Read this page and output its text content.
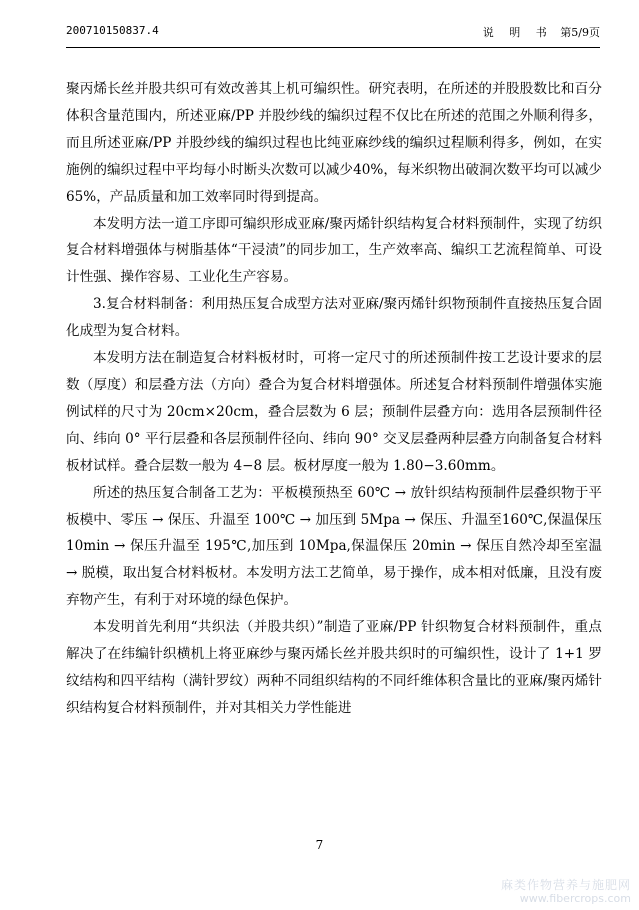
200710150837.4	说 明 书 第5/9页

聚丙烯长丝并股共织可有效改善其上机可编织性。研究表明，在所述的并股股数比和百分体积含量范围内，所述亚麻/PP 并股纱线的编织过程不仅比在所述的范围之外顺利得多，而且所述亚麻/PP 并股纱线的编织过程也比纯亚麻纱线的编织过程顺利得多，例如，在实施例的编织过程中平均每小时断头次数可以减少40%，每米织物出破洞次数平均可以减少 65%，产品质量和加工效率同时得到提高。

本发明方法一道工序即可编织形成亚麻/聚丙烯针织结构复合材料预制件，实现了纺织复合材料增强体与树脂基体“干浸渍”的同步加工，生产效率高、编织工艺流程简单、可设计性强、操作容易、工业化生产容易。

3.复合材料制备：利用热压复合成型方法对亚麻/聚丙烯针织物预制件直接热压复合固化成型为复合材料。

本发明方法在制造复合材料板材时，可将一定尺寸的所述预制件按工艺设计要求的层数（厚度）和层叠方法（方向）叠合为复合材料增强体。所述复合材料预制件增强体实施例试样的尺寸为 20cm×20cm，叠合层数为 6 层；预制件层叠方向：选用各层预制件径向、纬向 0° 平行层叠和各层预制件径向、纬向 90° 交叉层叠两种层叠方向制备复合材料板材试样。叠合层数一般为 4−8 层。板材厚度一般为 1.80−3.60mm。

所述的热压复合制备工艺为：平板模预热至 60℃ → 放针织结构预制件层叠织物于平板模中、零压 → 保压、升温至 100℃ → 加压到 5Mpa → 保压、升温至160℃,保温保压 10min → 保压升温至 195℃,加压到 10Mpa,保温保压 20min → 保压自然冷却至室温 → 脱模，取出复合材料板材。本发明方法工艺简单，易于操作，成本相对低廉，且没有废弃物产生，有利于对环境的绿色保护。

本发明首先利用“共织法（并股共织）”制造了亚麻/PP 针织物复合材料预制件，重点解决了在纬编针织横机上将亚麻纱与聚丙烯长丝并股共织时的可编织性，设计了 1+1 罗纹结构和四平结构（满针罗纹）两种不同组织结构的不同纤维体积含量比的亚麻/聚丙烯针织结构复合材料预制件，并对其相关力学性能进

7
麻类作物营养与施肥网
www.fibercrops.com
